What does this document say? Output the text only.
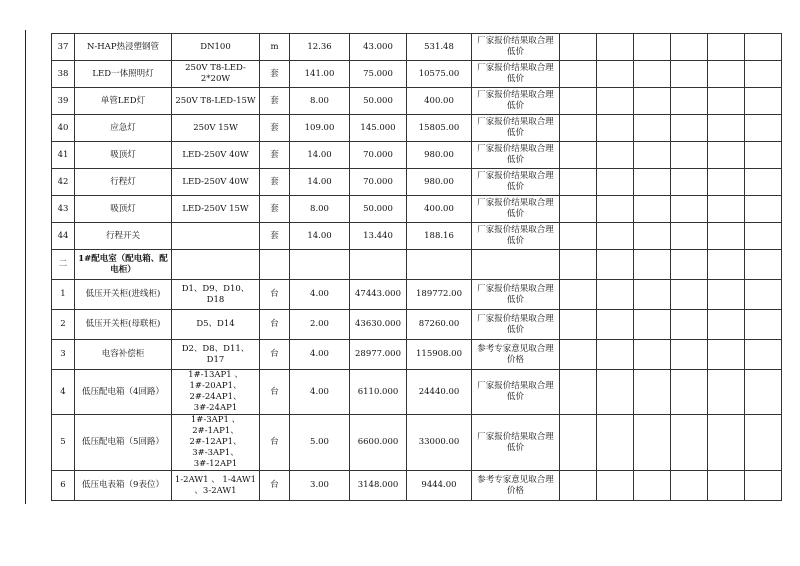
37	N-HAP热浸塑钢管	DN100	m	12.36	43.000	531.48	厂家报价结果取合理低价						
38	LED一体照明灯	250V T8-LED-2*20W	套	141.00	75.000	10575.00	厂家报价结果取合理低价						
39	单管LED灯	250V T8-LED-15W	套	8.00	50.000	400.00	厂家报价结果取合理低价						
40	应急灯	250V 15W	套	109.00	145.000	15805.00	厂家报价结果取合理低价						
41	吸顶灯	LED-250V 40W	套	14.00	70.000	980.00	厂家报价结果取合理低价						
42	行程灯	LED-250V 40W	套	14.00	70.000	980.00	厂家报价结果取合理低价						
43	吸顶灯	LED-250V 15W	套	8.00	50.000	400.00	厂家报价结果取合理低价						
44	行程开关		套	14.00	13.440	188.16	厂家报价结果取合理低价						
二	1#配电室（配电箱、配电柜）												
1	低压开关柜(进线柜)	D1、D9、D10、D18	台	4.00	47443.000	189772.00	厂家报价结果取合理低价						
2	低压开关柜(母联柜)	D5、D14	台	2.00	43630.000	87260.00	厂家报价结果取合理低价						
3	电容补偿柜	D2、D8、D11、D17	台	4.00	28977.000	115908.00	参考专家意见取合理价格						
4	低压配电箱（4回路）	1#-13AP1 、 1#-20AP1、2#-24AP1、3#-24AP1	台	4.00	6110.000	24440.00	厂家报价结果取合理低价						
5	低压配电箱（5回路）	1#-3AP1 、 2#-1AP1、2#-12AP1、 3#-3AP1、3#-12AP1	台	5.00	6600.000	33000.00	厂家报价结果取合理低价						
6	低压电表箱（9表位）	1-2AW1 、 1-4AW1 、3-2AW1	台	3.00	3148.000	9444.00	参考专家意见取合理价格						
